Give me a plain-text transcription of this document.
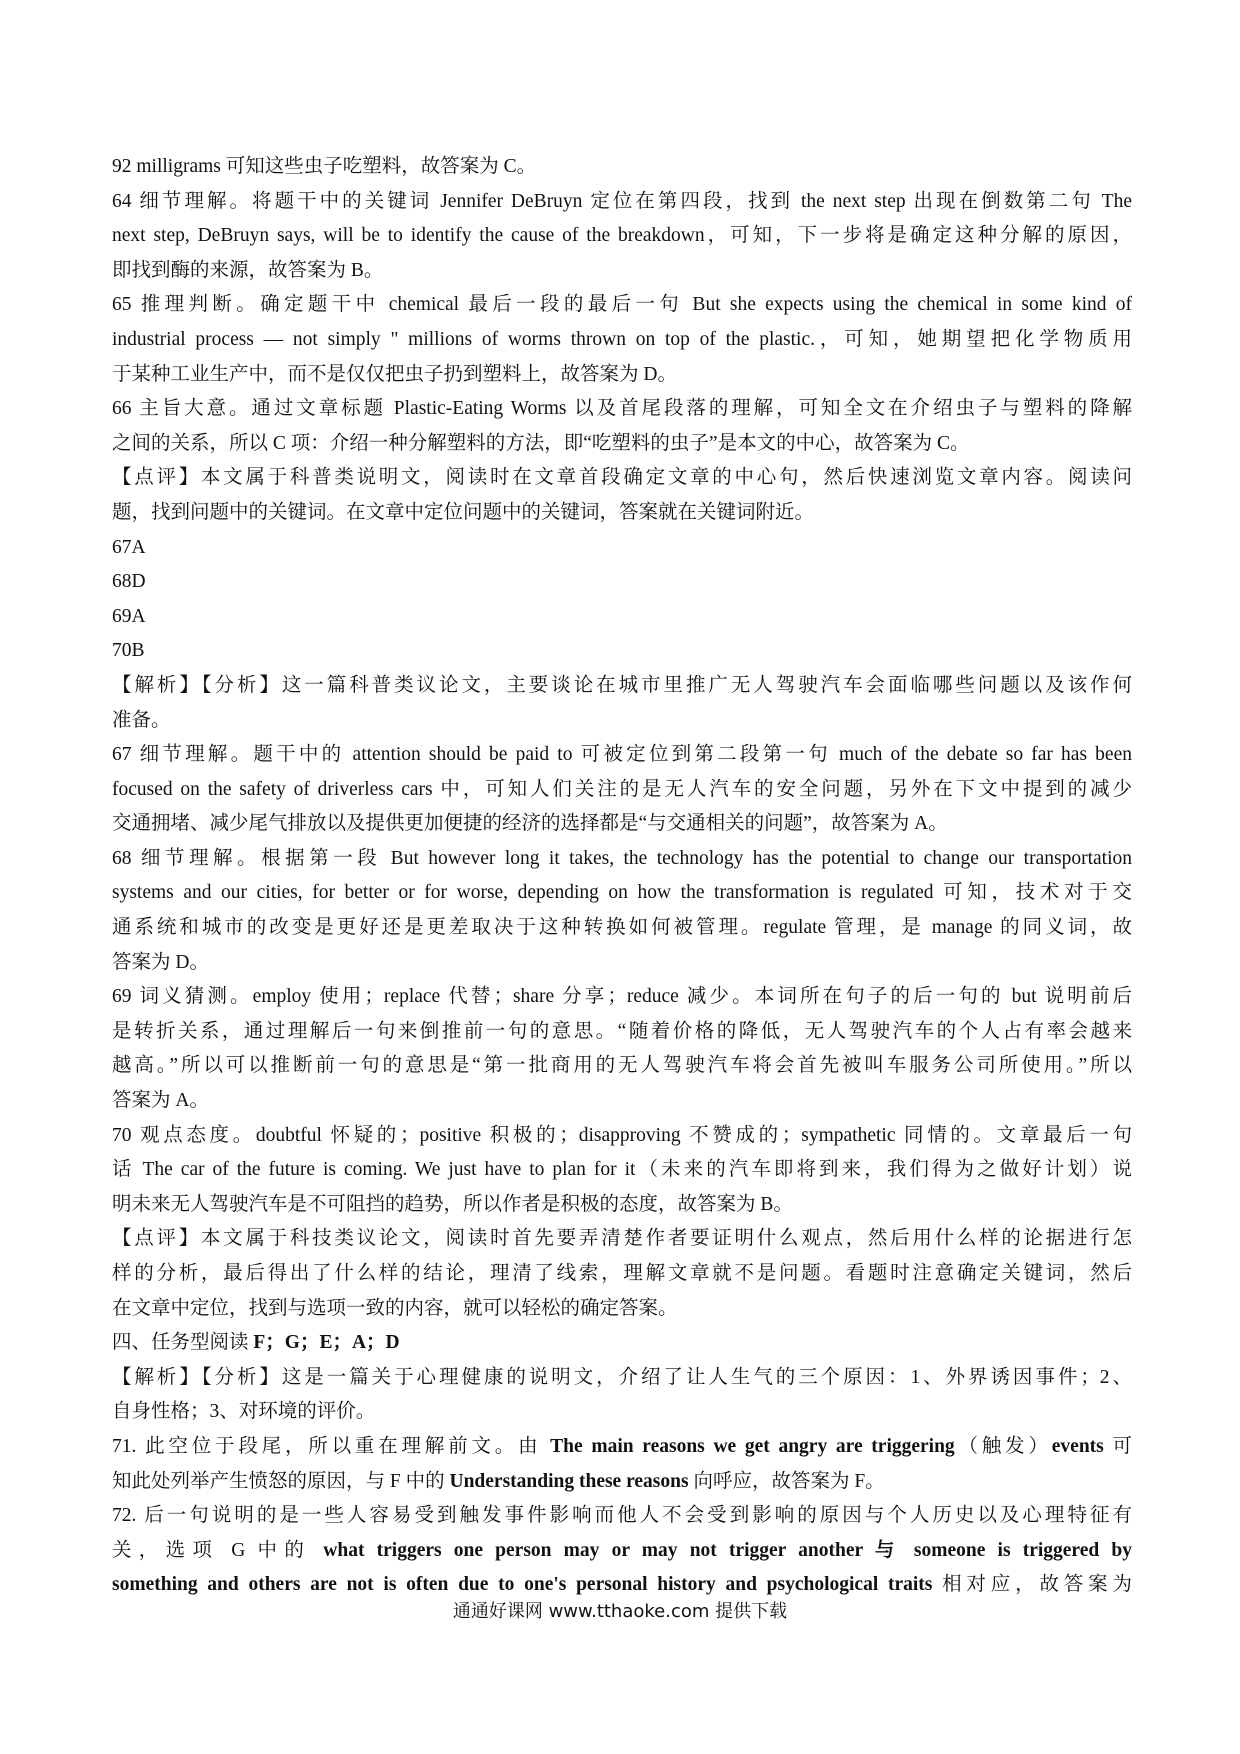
92 milligrams 可知这些虫子吃塑料，故答案为 C。
64 细节理解。将题干中的关键词 Jennifer DeBruyn 定位在第四段，找到 the next step 出现在倒数第二句 The
next step, DeBruyn says, will be to identify the cause of the breakdown，可知，下一步将是确定这种分解的原因，
即找到酶的来源，故答案为 B。
65 推理判断。确定题干中 chemical 最后一段的最后一句 But she expects using the chemical in some kind of
industrial process — not simply " millions of worms thrown on top of the plastic.，可知，她期望把化学物质用
于某种工业生产中，而不是仅仅把虫子扔到塑料上，故答案为 D。
66 主旨大意。通过文章标题 Plastic-Eating Worms 以及首尾段落的理解，可知全文在介绍虫子与塑料的降解
之间的关系，所以 C 项：介绍一种分解塑料的方法，即“吃塑料的虫子”是本文的中心，故答案为 C。
【点评】本文属于科普类说明文，阅读时在文章首段确定文章的中心句，然后快速浏览文章内容。阅读问
题，找到问题中的关键词。在文章中定位问题中的关键词，答案就在关键词附近。
67A
68D
69A
70B
【解析】【分析】这一篇科普类议论文，主要谈论在城市里推广无人驾驶汽车会面临哪些问题以及该作何
准备。
67 细节理解。题干中的 attention should be paid to 可被定位到第二段第一句 much of the debate so far has been
focused on the safety of driverless cars 中，可知人们关注的是无人汽车的安全问题，另外在下文中提到的减少
交通拥堵、减少尾气排放以及提供更加便捷的经济的选择都是“与交通相关的问题”，故答案为 A。
68 细节理解。根据第一段 But however long it takes, the technology has the potential to change our transportation
systems and our cities, for better or for worse, depending on how the transformation is regulated 可知，技术对于交
通系统和城市的改变是更好还是更差取决于这种转换如何被管理。regulate 管理，是 manage 的同义词，故
答案为 D。
69 词义猜测。employ 使用；replace 代替；share 分享；reduce 减少。本词所在句子的后一句的 but 说明前后
是转折关系，通过理解后一句来倒推前一句的意思。“随着价格的降低，无人驾驶汽车的个人占有率会越来
越高。”所以可以推断前一句的意思是“第一批商用的无人驾驶汽车将会首先被叫车服务公司所使用。”所以
答案为 A。
70 观点态度。doubtful 怀疑的；positive 积极的；disapproving 不赞成的；sympathetic 同情的。文章最后一句
话 The car of the future is coming. We just have to plan for it（未来的汽车即将到来，我们得为之做好计划）说
明未来无人驾驶汽车是不可阻挡的趋势，所以作者是积极的态度，故答案为 B。
【点评】本文属于科技类议论文，阅读时首先要弄清楚作者要证明什么观点，然后用什么样的论据进行怎
样的分析，最后得出了什么样的结论，理清了线索，理解文章就不是问题。看题时注意确定关键词，然后
在文章中定位，找到与选项一致的内容，就可以轻松的确定答案。
四、任务型阅读 F；G；E；A；D
【解析】【分析】这是一篇关于心理健康的说明文，介绍了让人生气的三个原因：1、外界诱因事件；2、
自身性格；3、对环境的评价。
71. 此空位于段尾，所以重在理解前文。由 The main reasons we get angry are triggering（触发）events 可
知此处列举产生愤怒的原因，与 F 中的 Understanding these reasons 向呼应，故答案为 F。
72. 后一句说明的是一些人容易受到触发事件影响而他人不会受到影响的原因与个人历史以及心理特征有
关，选项 G 中的 what triggers one person may or may not trigger another 与 someone is triggered by
something and others are not is often due to one's personal history and psychological traits 相对应，故答案为
通通好课网 www.tthaoke.com 提供下载
